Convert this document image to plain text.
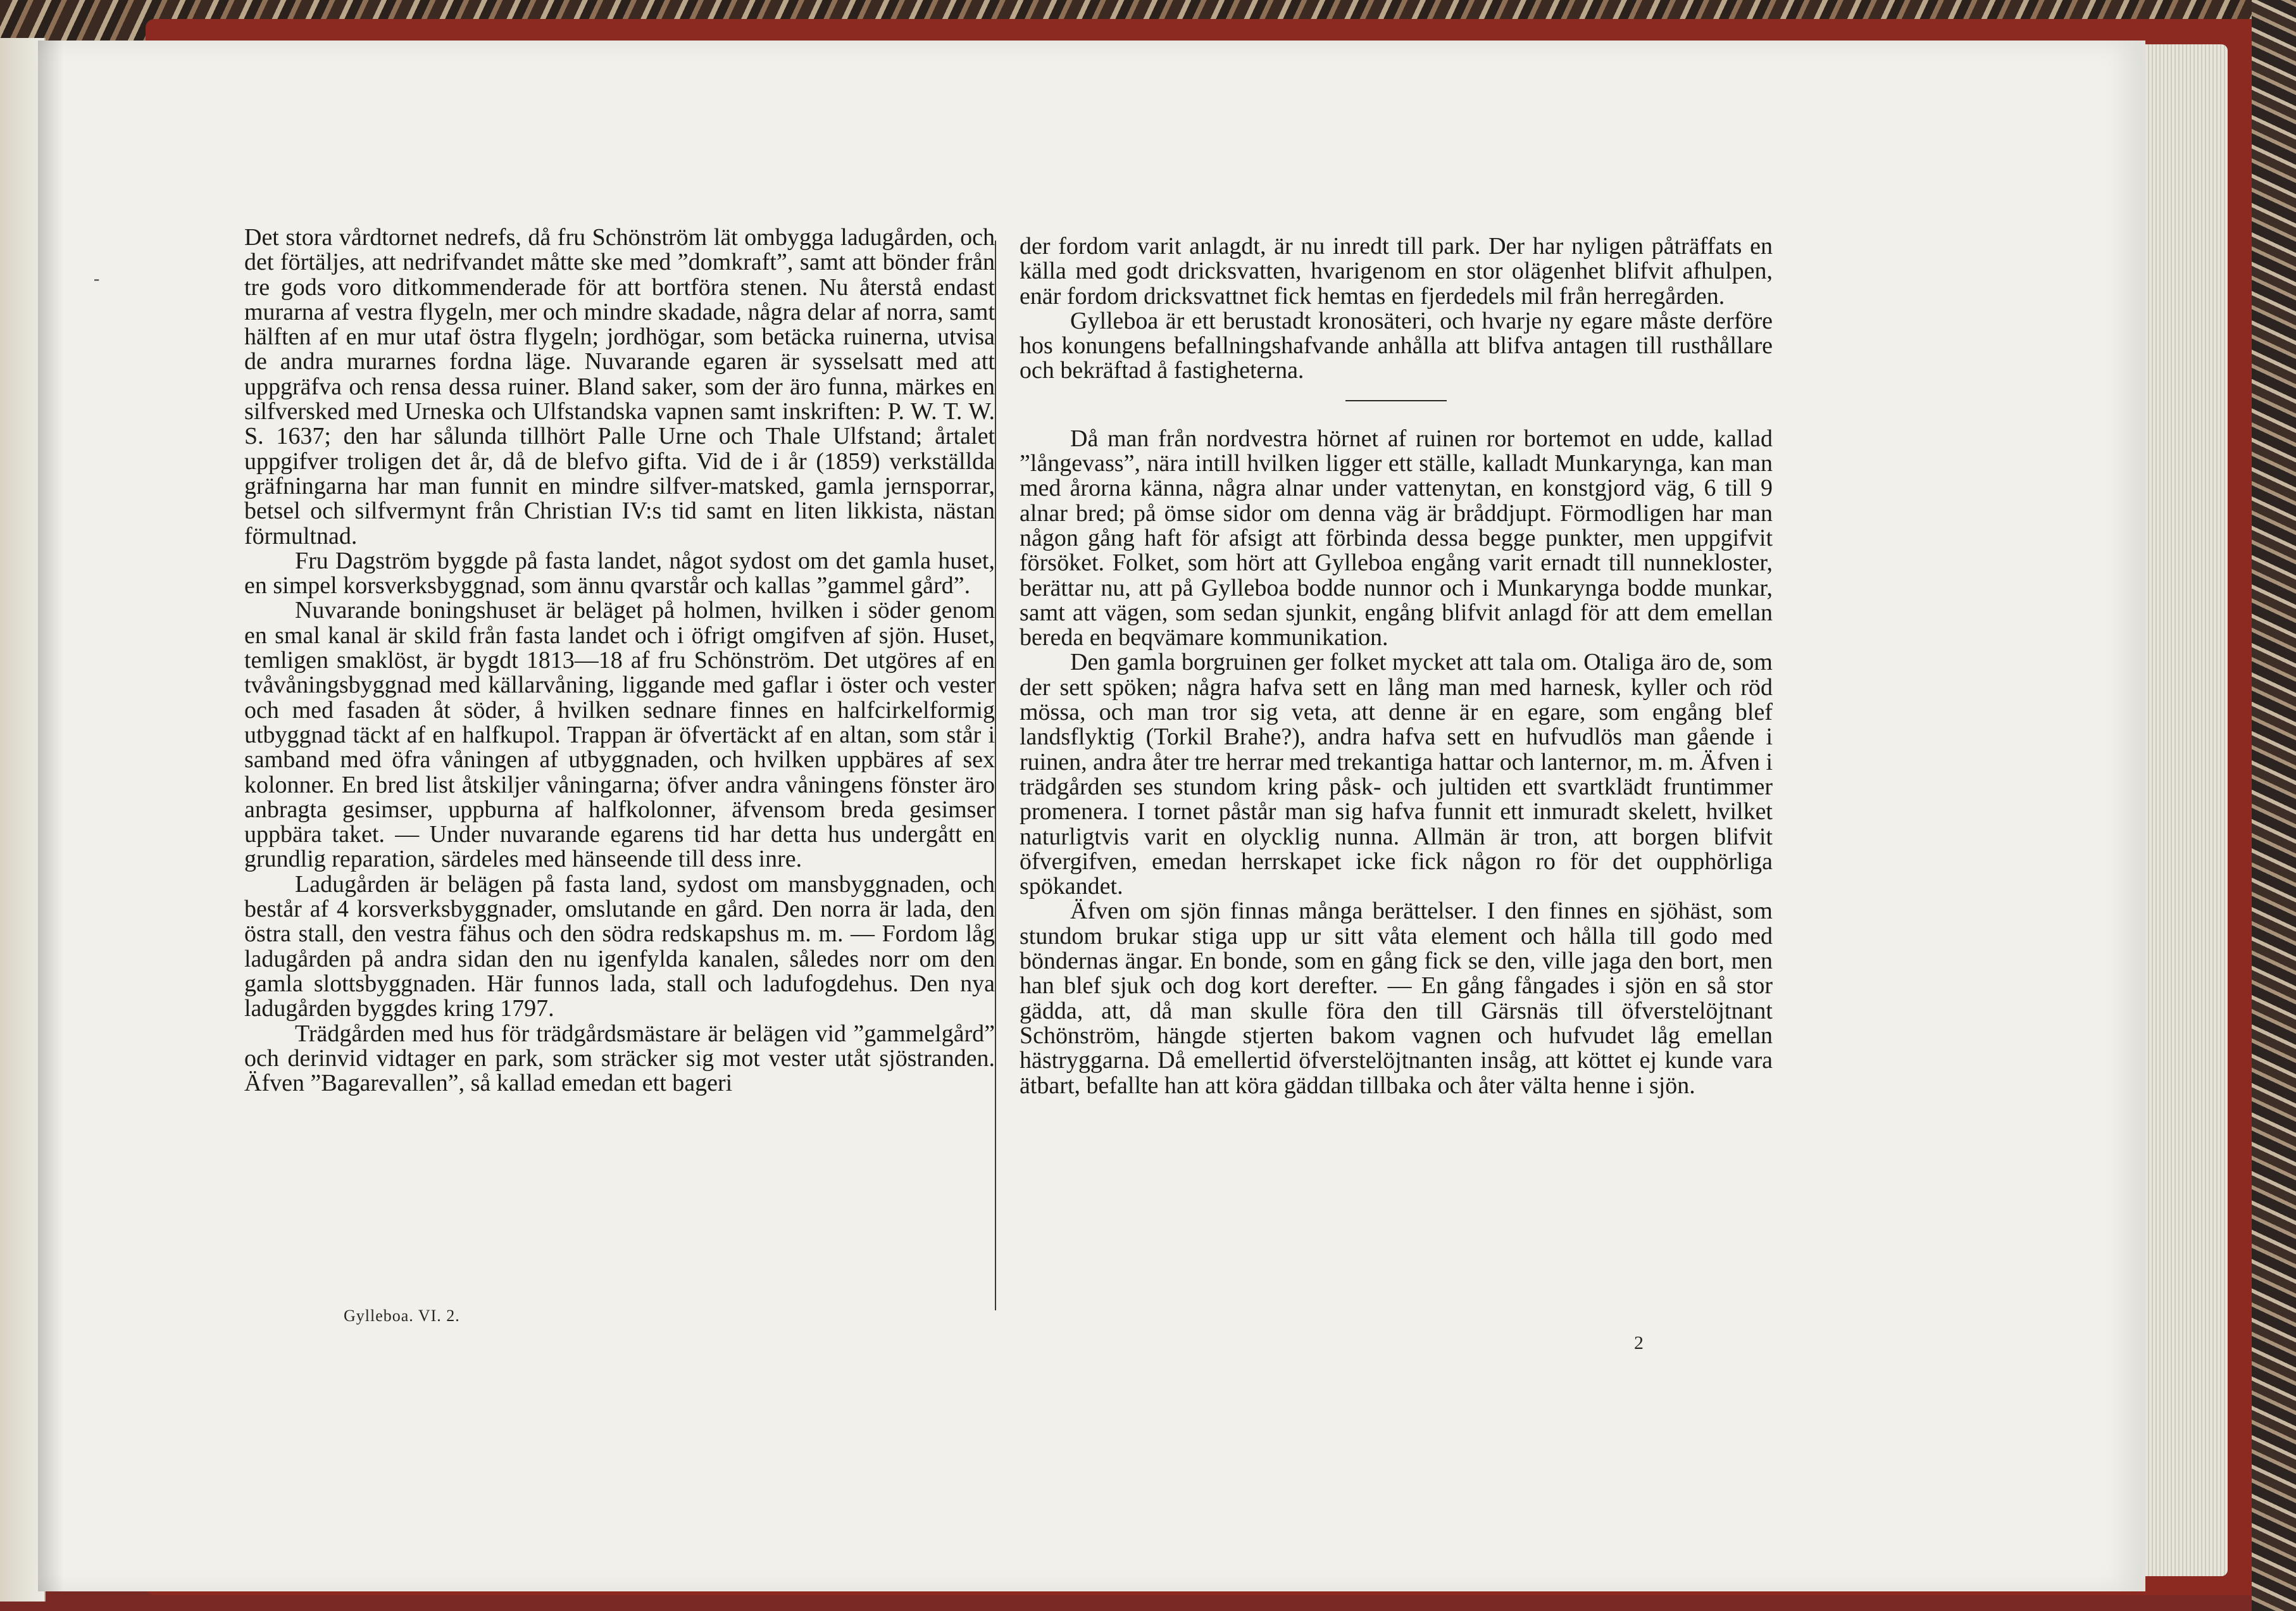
-

Det stora vårdtornet nedrefs, då fru Schönström lät ombygga ladugården, och det förtäljes, att nedrifvandet måtte ske med ”domkraft”, samt att bönder från tre gods voro ditkommenderade för att bortföra stenen. Nu återstå endast murarna af vestra flygeln, mer och mindre skadade, några delar af norra, samt hälften af en mur utaf östra flygeln; jordhögar, som betäcka ruinerna, utvisa de andra murarnes fordna läge. Nuvarande egaren är sysselsatt med att uppgräfva och rensa dessa ruiner. Bland saker, som der äro funna, märkes en silfversked med Urneska och Ulfstandska vapnen samt inskriften: P. W. T. W. S. 1637; den har sålunda tillhört Palle Urne och Thale Ulfstand; årtalet uppgifver troligen det år, då de blefvo gifta. Vid de i år (1859) verkställda gräfningarna har man funnit en mindre silfver-matsked, gamla jernsporrar, betsel och silfvermynt från Christian IV:s tid samt en liten likkista, nästan förmultnad.

Fru Dagström byggde på fasta landet, något sydost om det gamla huset, en simpel korsverksbyggnad, som ännu qvarstår och kallas ”gammel gård”.

Nuvarande boningshuset är beläget på holmen, hvilken i söder genom en smal kanal är skild från fasta landet och i öfrigt omgifven af sjön. Huset, temligen smaklöst, är bygdt 1813—18 af fru Schönström. Det utgöres af en tvåvåningsbyggnad med källarvåning, liggande med gaflar i öster och vester och med fasaden åt söder, å hvilken sednare finnes en halfcirkelformig utbyggnad täckt af en halfkupol. Trappan är öfvertäckt af en altan, som står i samband med öfra våningen af utbyggnaden, och hvilken uppbäres af sex kolonner. En bred list åtskiljer våningarna; öfver andra våningens fönster äro anbragta gesimser, uppburna af halfkolonner, äfvensom breda gesimser uppbära taket. — Under nuvarande egarens tid har detta hus undergått en grundlig reparation, särdeles med hänseende till dess inre.

Ladugården är belägen på fasta land, sydost om mansbyggnaden, och består af 4 korsverksbyggnader, omslutande en gård. Den norra är lada, den östra stall, den vestra fähus och den södra redskapshus m. m. — Fordom låg ladugården på andra sidan den nu igenfylda kanalen, således norr om den gamla slottsbyggnaden. Här funnos lada, stall och ladufogdehus. Den nya ladugården byggdes kring 1797.

Trädgården med hus för trädgårdsmästare är belägen vid ”gammelgård” och derinvid vidtager en park, som sträcker sig mot vester utåt sjöstranden. Äfven ”Bagarevallen”, så kallad emedan ett bageri

der fordom varit anlagdt, är nu inredt till park. Der har nyligen påträffats en källa med godt dricksvatten, hvarigenom en stor olägenhet blifvit afhulpen, enär fordom dricksvattnet fick hemtas en fjerdedels mil från herregården.

Gylleboa är ett berustadt kronosäteri, och hvarje ny egare måste derföre hos konungens befallningshafvande anhålla att blifva antagen till rusthållare och bekräftad å fastigheterna.

Då man från nordvestra hörnet af ruinen ror bortemot en udde, kallad ”långevass”, nära intill hvilken ligger ett ställe, kalladt Munkarynga, kan man med årorna känna, några alnar under vattenytan, en konstgjord väg, 6 till 9 alnar bred; på ömse sidor om denna väg är bråddjupt. Förmodligen har man någon gång haft för afsigt att förbinda dessa begge punkter, men uppgifvit försöket. Folket, som hört att Gylleboa engång varit ernadt till nunnekloster, berättar nu, att på Gylleboa bodde nunnor och i Munkarynga bodde munkar, samt att vägen, som sedan sjunkit, engång blifvit anlagd för att dem emellan bereda en beqvämare kommunikation.

Den gamla borgruinen ger folket mycket att tala om. Otaliga äro de, som der sett spöken; några hafva sett en lång man med harnesk, kyller och röd mössa, och man tror sig veta, att denne är en egare, som engång blef landsflyktig (Torkil Brahe?), andra hafva sett en hufvudlös man gående i ruinen, andra åter tre herrar med trekantiga hattar och lanternor, m. m. Äfven i trädgården ses stundom kring påsk- och jultiden ett svartklädt fruntimmer promenera. I tornet påstår man sig hafva funnit ett inmuradt skelett, hvilket naturligtvis varit en olycklig nunna. Allmän är tron, att borgen blifvit öfvergifven, emedan herrskapet icke fick någon ro för det oupphörliga spökandet.

Äfven om sjön finnas många berättelser. I den finnes en sjöhäst, som stundom brukar stiga upp ur sitt våta element och hålla till godo med böndernas ängar. En bonde, som en gång fick se den, ville jaga den bort, men han blef sjuk och dog kort derefter. — En gång fångades i sjön en så stor gädda, att, då man skulle föra den till Gärsnäs till öfverstelöjtnant Schönström, hängde stjerten bakom vagnen och hufvudet låg emellan hästryggarna. Då emellertid öfverstelöjtnanten insåg, att köttet ej kunde vara ätbart, befallte han att köra gäddan tillbaka och åter välta henne i sjön.

Gylleboa. VI. 2.
2
